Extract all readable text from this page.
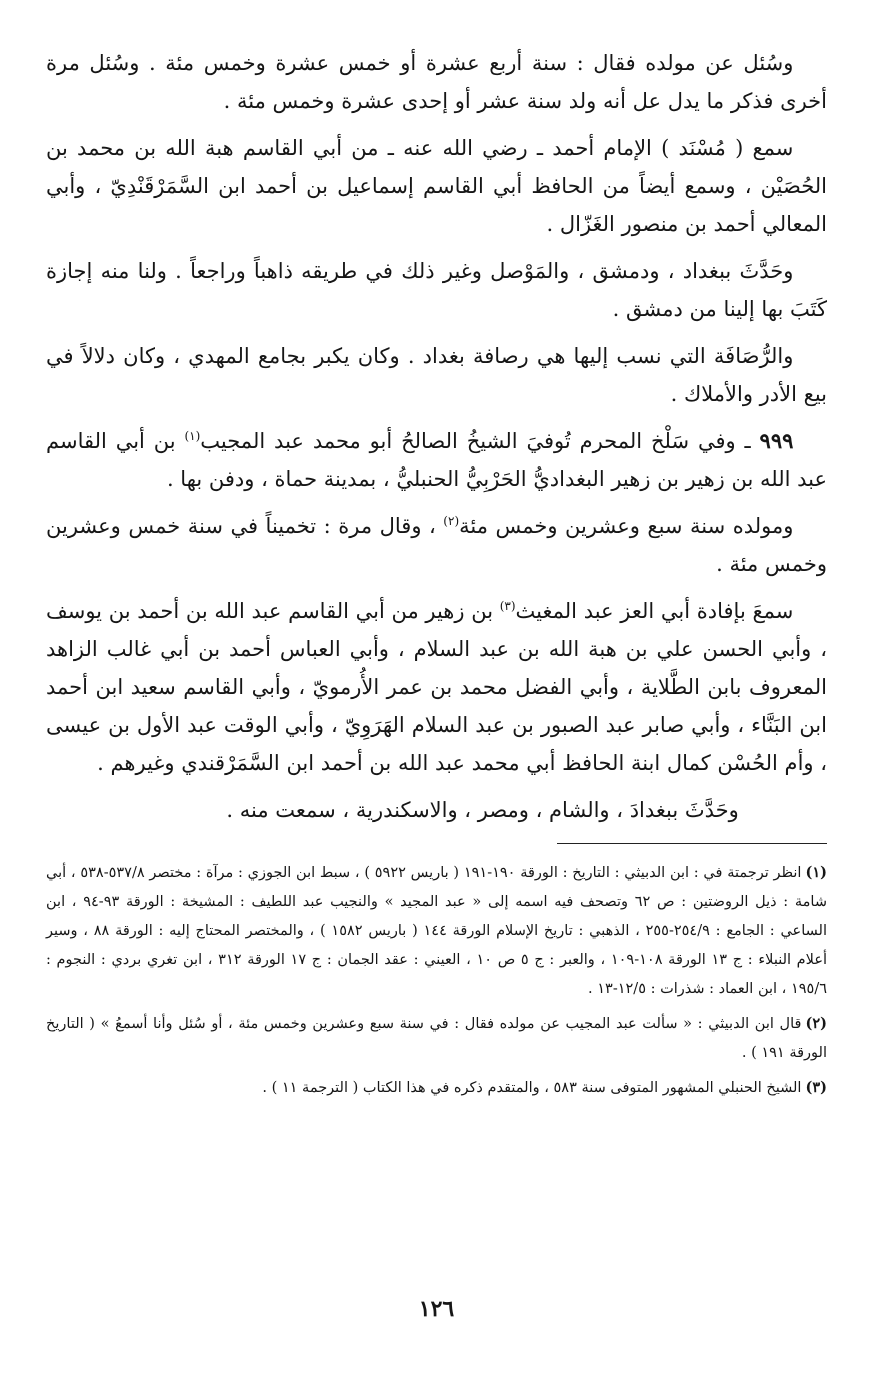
وسُئل عن مولده فقال : سنة أربع عشرة أو خمس عشرة وخمس مئة . وسُئل مرة أخرى فذكر ما يدل عل أنه ولد سنة عشر أو إحدى عشرة وخمس مئة .

سمع ( مُسْنَد ) الإمام أحمد ـ رضي الله عنه ـ من أبي القاسم هبة الله بن محمد بن الحُصَيْن ، وسمع أيضاً من الحافظ أبي القاسم إسماعيل بن أحمد ابن السَّمَرْقَنْدِيّ ، وأبي المعالي أحمد بن منصور الغَزّال .

وحَدَّثَ ببغداد ، ودمشق ، والمَوْصل وغير ذلك في طريقه ذاهباً وراجعاً . ولنا منه إجازة كَتَبَ بها إلينا من دمشق .

والرُّصَافَة التي نسب إليها هي رصافة بغداد . وكان يكبر بجامع المهدي ، وكان دلالاً في بيع الأدر والأملاك .

٩٩٩ ـ وفي سَلْخ المحرم تُوفيَ الشيخُ الصالحُ أبو محمد عبد المجيب$^{(١)}$ بن أبي القاسم عبد الله بن زهير بن زهير البغداديُّ الحَرْبِيُّ الحنبليُّ ، بمدينة حماة ، ودفن بها .

ومولده سنة سبع وعشرين وخمس مئة$^{(٢)}$ ، وقال مرة : تخميناً في سنة خمس وعشرين وخمس مئة .

سمعَ بإفادة أبي العز عبد المغيث$^{(٣)}$ بن زهير من أبي القاسم عبد الله بن أحمد بن يوسف ، وأبي الحسن علي بن هبة الله بن عبد السلام ، وأبي العباس أحمد بن أبي غالب الزاهد المعروف بابن الطَّلاية ، وأبي الفضل محمد بن عمر الأُرمويّ ، وأبي القاسم سعيد ابن أحمد ابن البَنَّاء ، وأبي صابر عبد الصبور بن عبد السلام الهَرَوِيّ ، وأبي الوقت عبد الأول بن عيسى ، وأم الحُسْن كمال ابنة الحافظ أبي محمد عبد الله بن أحمد ابن السَّمَرْقندي وغيرهم .

وحَدَّثَ ببغدادَ ، والشام ، ومصر ، والاسكندرية ، سمعت منه .

(١)انظر ترجمتة في : ابن الدبيثي : التاريخ : الورقة ١٩٠-١٩١ ( باريس ٥٩٢٢ ) ، سبط ابن الجوزي : مرآة : مختصر ٥٣٧/٨-٥٣٨ ، أبي شامة : ذيل الروضتين : ص ٦٢ وتصحف فيه اسمه إلى « عبد المجيد » والنجيب عبد اللطيف : المشيخة : الورقة ٩٣-٩٤ ، ابن الساعي : الجامع : ٢٥٤/٩-٢٥٥ ، الذهبي : تاريخ الإسلام الورقة ١٤٤ ( باريس ١٥٨٢ ) ، والمختصر المحتاج إليه : الورقة ٨٨ ، وسير أعلام النبلاء : ج ١٣ الورقة ١٠٨-١٠٩ ، والعبر : ج ٥ ص ١٠ ، العيني : عقد الجمان : ج ١٧ الورقة ٣١٢ ، ابن تغري بردي : النجوم : ١٩٥/٦ ، ابن العماد : شذرات : ١٢/٥-١٣ .

(٢)قال ابن الدبيثي : « سألت عبد المجيب عن مولده فقال : في سنة سبع وعشرين وخمس مئة ، أو سُئل وأنا أسمعُ » ( التاريخ الورقة ١٩١ ) .

(٣)الشيخ الحنبلي المشهور المتوفى سنة ٥٨٣ ، والمتقدم ذكره في هذا الكتاب ( الترجمة ١١ ) .

١٢٦
